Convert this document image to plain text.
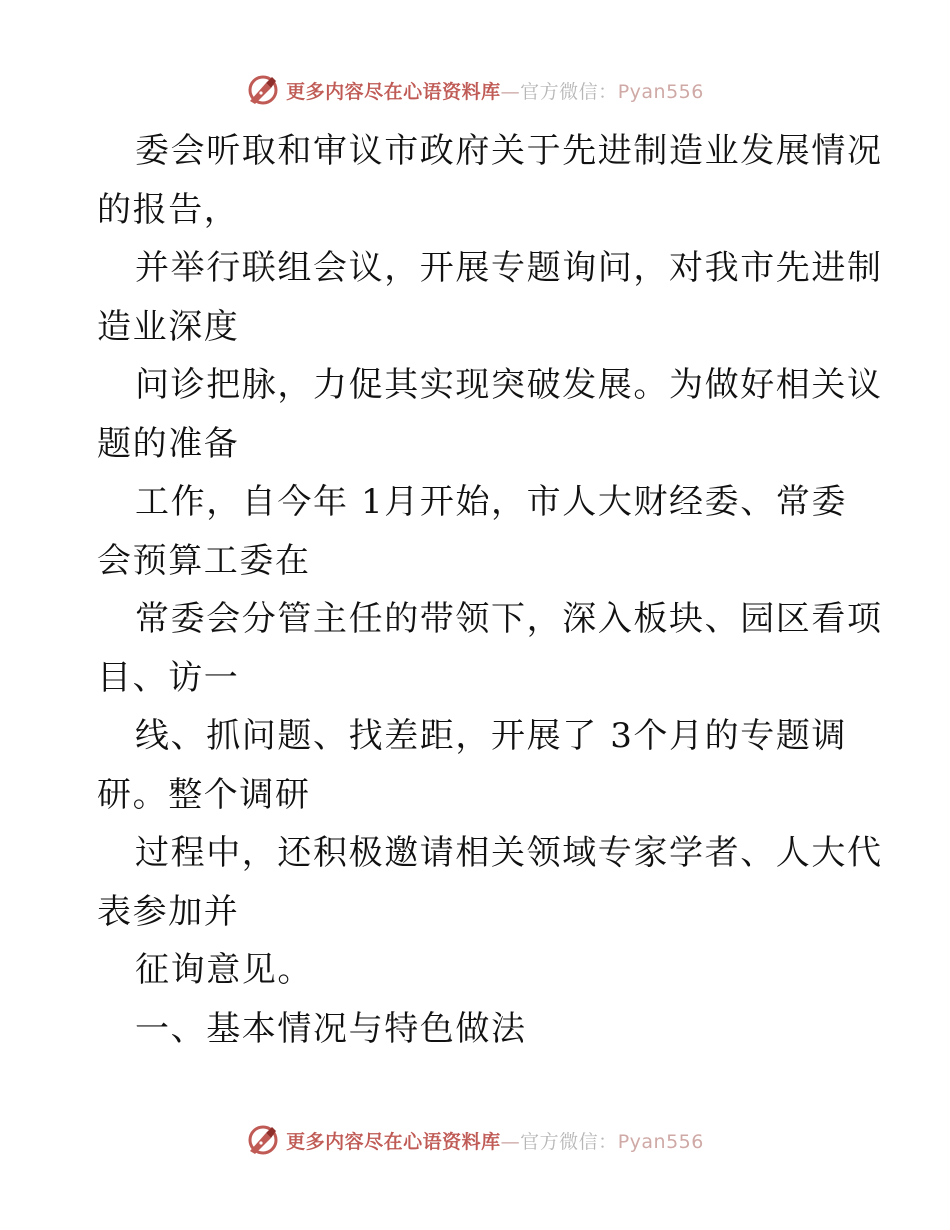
更多内容尽在心语资料库—官方微信：Pyan556
委会听取和审议市政府关于先进制造业发展情况
的报告，
并举行联组会议，开展专题询问，对我市先进制
造业深度
问诊把脉，力促其实现突破发展。为做好相关议
题的准备
工作，自今年 1月开始，市人大财经委、常委
会预算工委在
常委会分管主任的带领下，深入板块、园区看项
目、访一
线、抓问题、找差距，开展了 3个月的专题调
研。整个调研
过程中，还积极邀请相关领域专家学者、人大代
表参加并
征询意见。
一、基本情况与特色做法
更多内容尽在心语资料库—官方微信：Pyan556
